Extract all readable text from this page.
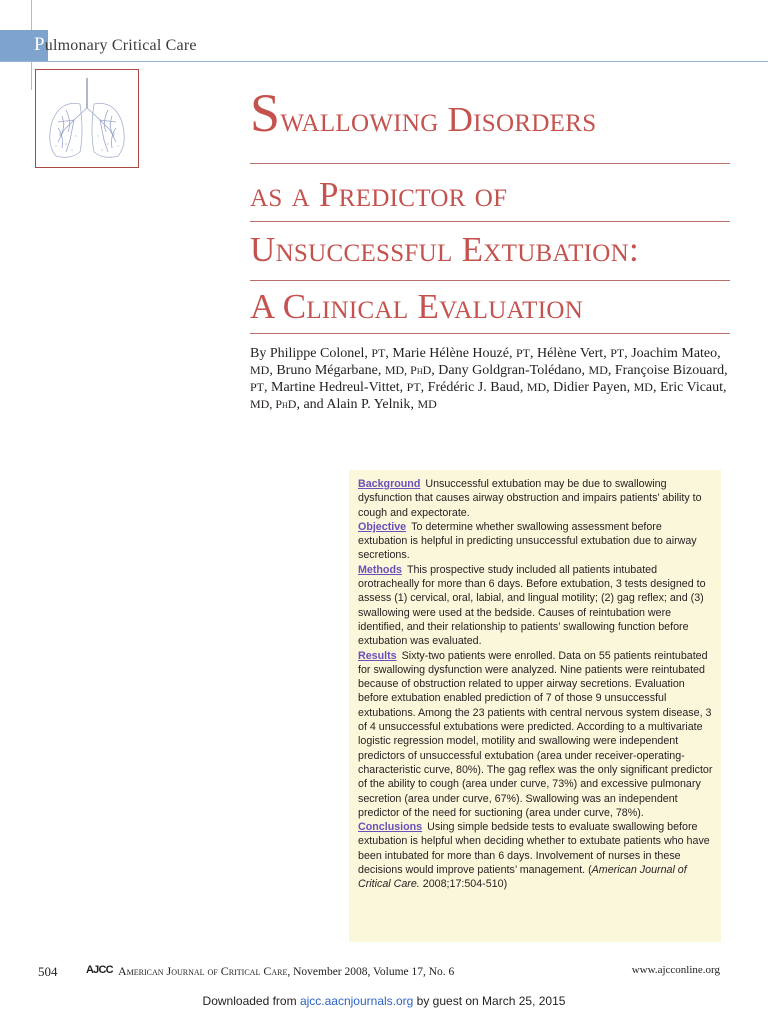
Pulmonary Critical Care
Swallowing Disorders
as a Predictor of
Unsuccessful Extubation:
A Clinical Evaluation
By Philippe Colonel, PT, Marie Hélène Houzé, PT, Hélène Vert, PT, Joachim Mateo, MD, Bruno Mégarbane, MD, PhD, Dany Goldgran-Tolédano, MD, Françoise Bizouard, PT, Martine Hedreul-Vittet, PT, Frédéric J. Baud, MD, Didier Payen, MD, Eric Vicaut, MD, PhD, and Alain P. Yelnik, MD

Background Unsuccessful extubation may be due to swallowing dysfunction that causes airway obstruction and impairs patients’ ability to cough and expectorate.

Objective To determine whether swallowing assessment before extubation is helpful in predicting unsuccessful extubation due to airway secretions.

Methods This prospective study included all patients intubated orotracheally for more than 6 days. Before extubation, 3 tests designed to assess (1) cervical, oral, labial, and lingual motility; (2) gag reflex; and (3) swallowing were used at the bedside. Causes of reintubation were identified, and their relationship to patients’ swallowing function before extubation was evaluated.

Results Sixty-two patients were enrolled. Data on 55 patients reintubated for swallowing dysfunction were analyzed. Nine patients were reintubated because of obstruction related to upper airway secretions. Evaluation before extubation enabled prediction of 7 of those 9 unsuccessful extubations. Among the 23 patients with central nervous system disease, 3 of 4 unsuccessful extubations were predicted. According to a multivariate logistic regression model, motility and swallowing were independent predictors of unsuccessful extubation (area under receiver-operating-characteristic curve, 80%). The gag reflex was the only significant predictor of the ability to cough (area under curve, 73%) and excessive pulmonary secretion (area under curve, 67%). Swallowing was an independent predictor of the need for suctioning (area under curve, 78%).

Conclusions Using simple bedside tests to evaluate swallowing before extubation is helpful when deciding whether to extubate patients who have been intubated for more than 6 days. Involvement of nurses in these decisions would improve patients’ management. (American Journal of Critical Care. 2008;17:504-510)

504	AJCC American Journal of Critical Care, November 2008, Volume 17, No. 6	www.ajcconline.org
Downloaded from ajcc.aacnjournals.org by guest on March 25, 2015
